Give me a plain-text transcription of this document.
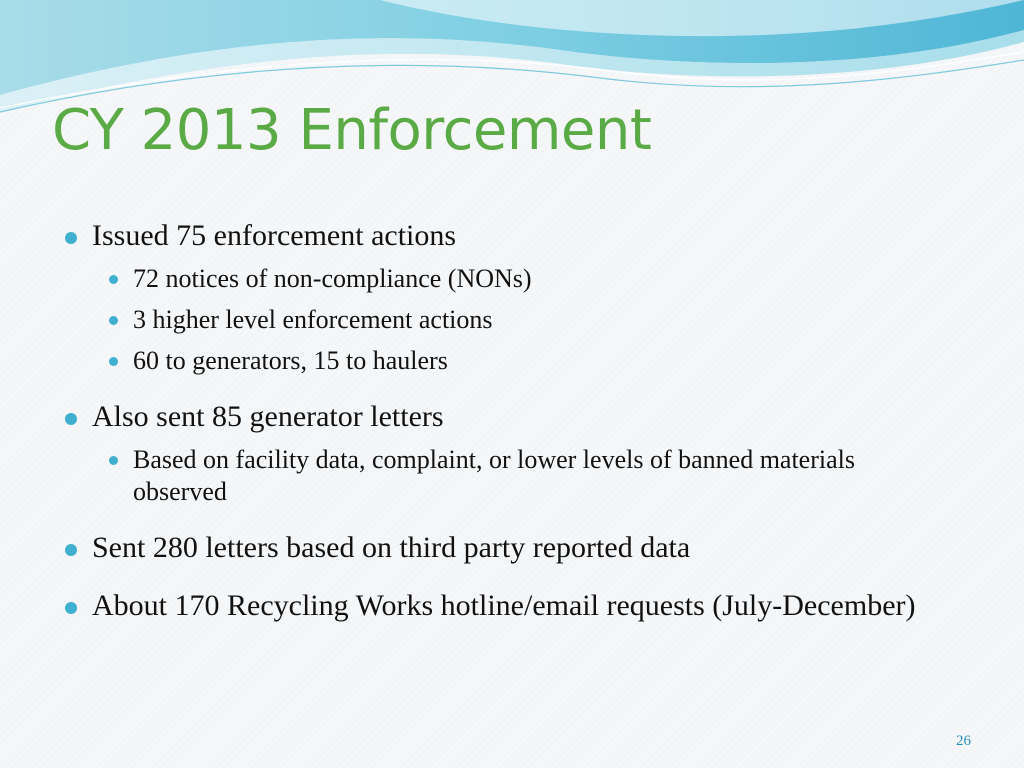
CY 2013 Enforcement
Issued 75 enforcement actions
72 notices of non-compliance (NONs)
3 higher level enforcement actions
60 to generators, 15 to haulers
Also sent 85 generator letters
Based on facility data, complaint, or lower levels of banned materials observed
Sent 280 letters based on third party reported data
About 170 Recycling Works hotline/email requests (July-December)
26
